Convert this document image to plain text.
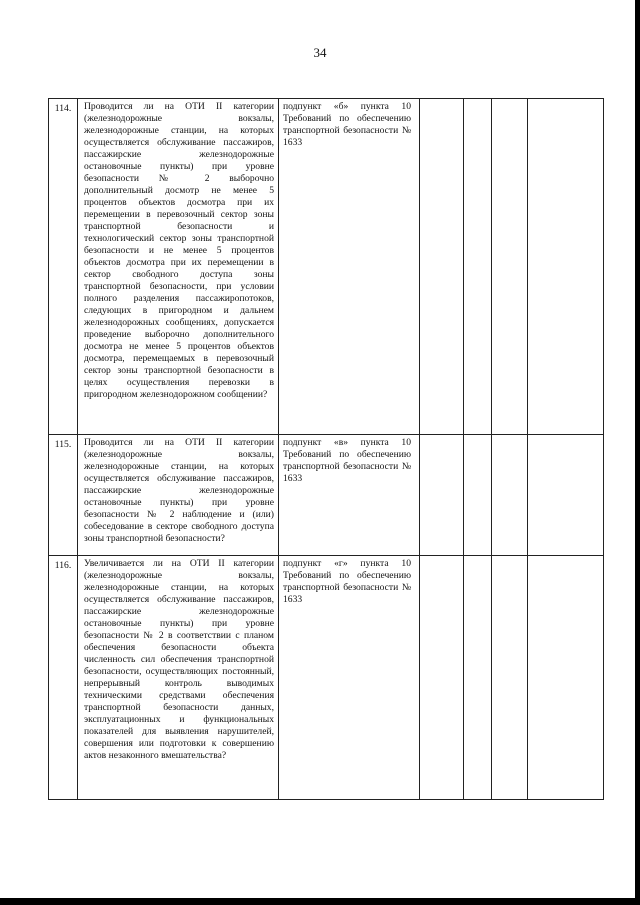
34
114.	Проводится ли на ОТИ II категории (железнодорожные вокзалы, железнодорожные станции, на которых осуществляется обслуживание пассажиров, пассажирские железнодорожные остановочные пункты) при уровне безопасности № 2 выборочно дополнительный досмотр не менее 5 процентов объектов досмотра при их перемещении в перевозочный сектор зоны транспортной безопасности и технологический сектор зоны транспортной безопасности и не менее 5 процентов объектов досмотра при их перемещении в сектор свободного доступа зоны транспортной безопасности, при условии полного разделения пассажиропотоков, следующих в пригородном и дальнем железнодорожных сообщениях, допускается проведение выборочно дополнительного досмотра не менее 5 процентов объектов досмотра, перемещаемых в перевозочный сектор зоны транспортной безопасности в целях осуществления перевозки в пригородном железнодорожном сообщении?	подпункт «б» пункта 10 Требований по обеспечению транспортной безопасности № 1633				

115.	Проводится ли на ОТИ II категории (железнодорожные вокзалы, железнодорожные станции, на которых осуществляется обслуживание пассажиров, пассажирские железнодорожные остановочные пункты) при уровне безопасности № 2 наблюдение и (или) собеседование в секторе свободного доступа зоны транспортной безопасности?	подпункт «в» пункта 10 Требований по обеспечению транспортной безопасности № 1633				

116.	Увеличивается ли на ОТИ II категории (железнодорожные вокзалы, железнодорожные станции, на которых осуществляется обслуживание пассажиров, пассажирские железнодорожные остановочные пункты) при уровне безопасности № 2 в соответствии с планом обеспечения безопасности объекта численность сил обеспечения транспортной безопасности, осуществляющих постоянный, непрерывный контроль выводимых техническими средствами обеспечения транспортной безопасности данных, эксплуатационных и функциональных показателей для выявления нарушителей, совершения или подготовки к совершению актов незаконного вмешательства?	подпункт «г» пункта 10 Требований по обеспечению транспортной безопасности № 1633				
